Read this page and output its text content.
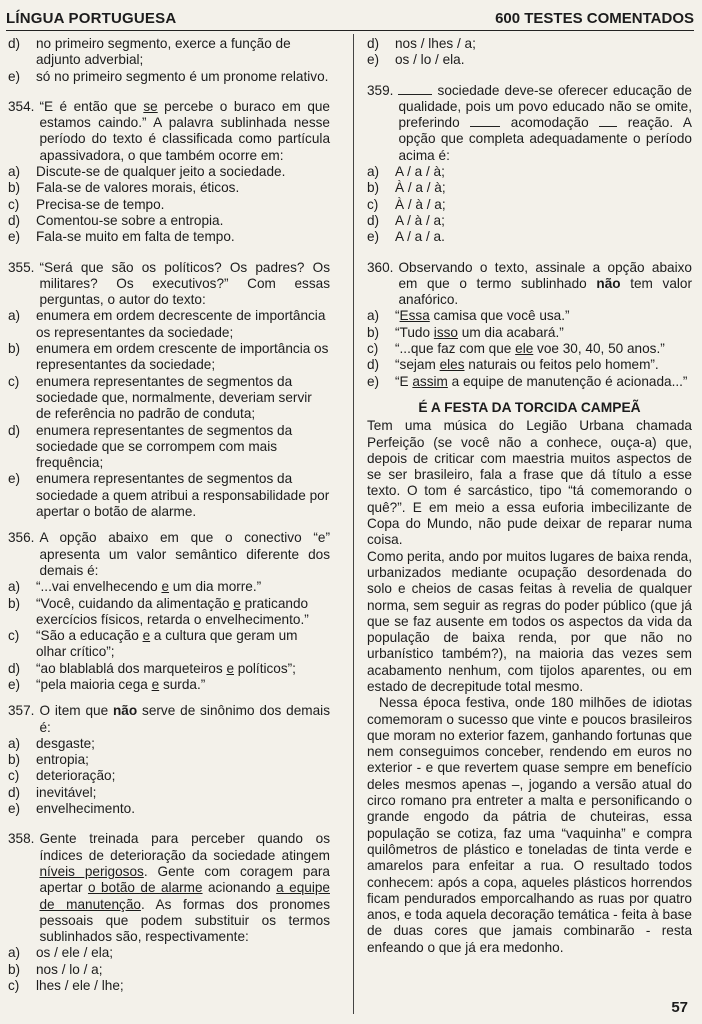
LÍNGUA PORTUGUESA	600 TESTES COMENTADOS
d)	no primeiro segmento, exerce a função de adjunto adverbial;
e)	só no primeiro segmento é um pronome relativo.
354. “E é então que se percebe o buraco em que estamos caindo.” A palavra sublinhada nesse período do texto é classificada como partícula apassivadora, o que também ocorre em:
a)	Discute-se de qualquer jeito a sociedade.
b)	Fala-se de valores morais, éticos.
c)	Precisa-se de tempo.
d)	Comentou-se sobre a entropia.
e)	Fala-se muito em falta de tempo.
355. “Será que são os políticos? Os padres? Os militares? Os executivos?” Com essas perguntas, o autor do texto:
a)	enumera em ordem decrescente de importância os representantes da sociedade;
b)	enumera em ordem crescente de importância os representantes da sociedade;
c)	enumera representantes de segmentos da sociedade que, normalmente, deveriam servir de referência no padrão de conduta;
d)	enumera representantes de segmentos da sociedade que se corrompem com mais frequência;
e)	enumera representantes de segmentos da sociedade a quem atribui a responsabilidade por apertar o botão de alarme.
356. A opção abaixo em que o conectivo “e” apresenta um valor semântico diferente dos demais é:
a)	“...vai envelhecendo e um dia morre.”
b)	“Você, cuidando da alimentação e praticando exercícios físicos, retarda o envelhecimento.”
c)	“São a educação e a cultura que geram um olhar crítico”;
d)	“ao blablablá dos marqueteiros e políticos”;
e)	“pela maioria cega e surda.”
357. O item que não serve de sinônimo dos demais é:
a)	desgaste;
b)	entropia;
c)	deterioração;
d)	inevitável;
e)	envelhecimento.
358. Gente treinada para perceber quando os índices de deterioração da sociedade atingem níveis perigosos. Gente com coragem para apertar o botão de alarme acionando a equipe de manutenção. As formas dos pronomes pessoais que podem substituir os termos sublinhados são, respectivamente:
a)	os / ele / ela;
b)	nos / lo / a;
c)	lhes / ele / lhe;
d)	nos / lhes / a;
e)	os / lo / ela.
359.	sociedade deve-se oferecer educação de qualidade, pois um povo educado não se omite, preferindo  acomodação  reação. A opção que completa adequadamente o período acima é:
a)	A / a / à;
b)	À / a / à;
c)	À / à / a;
d)	A / à / a;
e)	A / a / a.
360. Observando o texto, assinale a opção abaixo em que o termo sublinhado não tem valor anafórico.
a)	“Essa camisa que você usa.”
b)	“Tudo isso um dia acabará.”
c)	“...que faz com que ele voe 30, 40, 50 anos.”
d)	“sejam eles naturais ou feitos pelo homem”.
e)	“E assim a equipe de manutenção é acionada...”
É A FESTA DA TORCIDA CAMPEÃ
Tem uma música do Legião Urbana chamada Perfeição (se você não a conhece, ouça-a) que, depois de criticar com maestria muitos aspectos de se ser brasileiro, fala a frase que dá título a esse texto. O tom é sarcástico, tipo “tá comemorando o quê?”. E em meio a essa euforia imbecilizante de Copa do Mundo, não pude deixar de reparar numa coisa.
Como perita, ando por muitos lugares de baixa renda, urbanizados mediante ocupação desordenada do solo e cheios de casas feitas à revelia de qualquer norma, sem seguir as regras do poder público (que já que se faz ausente em todos os aspectos da vida da população de baixa renda, por que não no urbanístico também?), na maioria das vezes sem acabamento nenhum, com tijolos aparentes, ou em estado de decrepitude total mesmo.
Nessa época festiva, onde 180 milhões de idiotas comemoram o sucesso que vinte e poucos brasileiros que moram no exterior fazem, ganhando fortunas que nem conseguimos conceber, rendendo em euros no exterior - e que revertem quase sempre em benefício deles mesmos apenas –, jogando a versão atual do circo romano pra entreter a malta e personificando o grande engodo da pátria de chuteiras, essa população se cotiza, faz uma “vaquinha” e compra quilômetros de plástico e toneladas de tinta verde e amarelos para enfeitar a rua. O resultado todos conhecem: após a copa, aqueles plásticos horrendos ficam pendurados emporcalhando as ruas por quatro anos, e toda aquela decoração temática - feita à base de duas cores que jamais combinarão - resta enfeando o que já era medonho.
57
